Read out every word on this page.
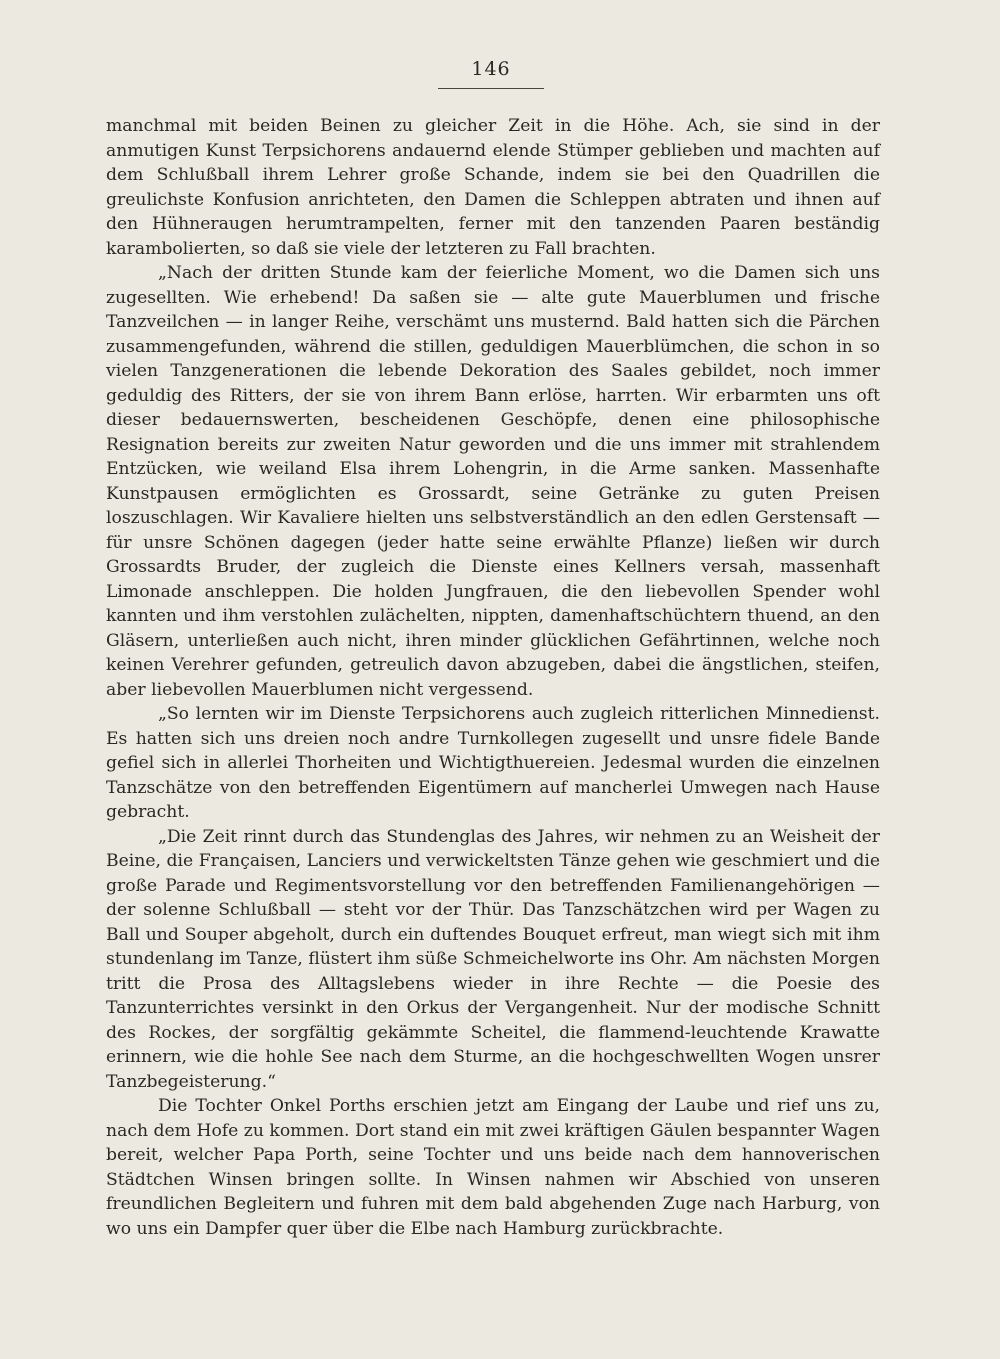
146

manchmal mit beiden Beinen zu gleicher Zeit in die Höhe. Ach, sie sind in der anmutigen Kunst Terpsichorens andauernd elende Stümper geblieben und machten auf dem Schlußball ihrem Lehrer große Schande, indem sie bei den Quadrillen die greulichste Konfusion anrichteten, den Damen die Schleppen abtraten und ihnen auf den Hühneraugen herumtrampelten, ferner mit den tanzenden Paaren beständig karambolierten, so daß sie viele der letzteren zu Fall brachten.

„Nach der dritten Stunde kam der feierliche Moment, wo die Damen sich uns zugesellten. Wie erhebend! Da saßen sie — alte gute Mauerblumen und frische Tanzveilchen — in langer Reihe, verschämt uns musternd. Bald hatten sich die Pärchen zusammengefunden, während die stillen, geduldigen Mauerblümchen, die schon in so vielen Tanzgenerationen die lebende Dekoration des Saales gebildet, noch immer geduldig des Ritters, der sie von ihrem Bann erlöse, harrten. Wir erbarmten uns oft dieser bedauernswerten, bescheidenen Geschöpfe, denen eine philosophische Resignation bereits zur zweiten Natur geworden und die uns immer mit strahlendem Entzücken, wie weiland Elsa ihrem Lohengrin, in die Arme sanken. Massenhafte Kunstpausen ermöglichten es Grossardt, seine Getränke zu guten Preisen loszuschlagen. Wir Kavaliere hielten uns selbstverständlich an den edlen Gerstensaft — für unsre Schönen dagegen (jeder hatte seine erwählte Pflanze) ließen wir durch Grossardts Bruder, der zugleich die Dienste eines Kellners versah, massenhaft Limonade anschleppen. Die holden Jungfrauen, die den liebevollen Spender wohl kannten und ihm verstohlen zulächelten, nippten, damenhaftschüchtern thuend, an den Gläsern, unterließen auch nicht, ihren minder glücklichen Gefährtinnen, welche noch keinen Verehrer gefunden, getreulich davon abzugeben, dabei die ängstlichen, steifen, aber liebevollen Mauerblumen nicht vergessend.

„So lernten wir im Dienste Terpsichorens auch zugleich ritterlichen Minnedienst. Es hatten sich uns dreien noch andre Turnkollegen zugesellt und unsre fidele Bande gefiel sich in allerlei Thorheiten und Wichtigthuereien. Jedesmal wurden die einzelnen Tanzschätze von den betreffenden Eigentümern auf mancherlei Umwegen nach Hause gebracht.

„Die Zeit rinnt durch das Stundenglas des Jahres, wir nehmen zu an Weisheit der Beine, die Françaisen, Lanciers und verwickeltsten Tänze gehen wie geschmiert und die große Parade und Regimentsvorstellung vor den betreffenden Familienangehörigen — der solenne Schlußball — steht vor der Thür. Das Tanzschätzchen wird per Wagen zu Ball und Souper abgeholt, durch ein duftendes Bouquet erfreut, man wiegt sich mit ihm stundenlang im Tanze, flüstert ihm süße Schmeichelworte ins Ohr. Am nächsten Morgen tritt die Prosa des Alltagslebens wieder in ihre Rechte — die Poesie des Tanzunterrichtes versinkt in den Orkus der Vergangenheit. Nur der modische Schnitt des Rockes, der sorgfältig gekämmte Scheitel, die flammend-leuchtende Krawatte erinnern, wie die hohle See nach dem Sturme, an die hochgeschwellten Wogen unsrer Tanzbegeisterung.“

Die Tochter Onkel Porths erschien jetzt am Eingang der Laube und rief uns zu, nach dem Hofe zu kommen. Dort stand ein mit zwei kräftigen Gäulen bespannter Wagen bereit, welcher Papa Porth, seine Tochter und uns beide nach dem hannoverischen Städtchen Winsen bringen sollte. In Winsen nahmen wir Abschied von unseren freundlichen Begleitern und fuhren mit dem bald abgehenden Zuge nach Harburg, von wo uns ein Dampfer quer über die Elbe nach Hamburg zurückbrachte.
